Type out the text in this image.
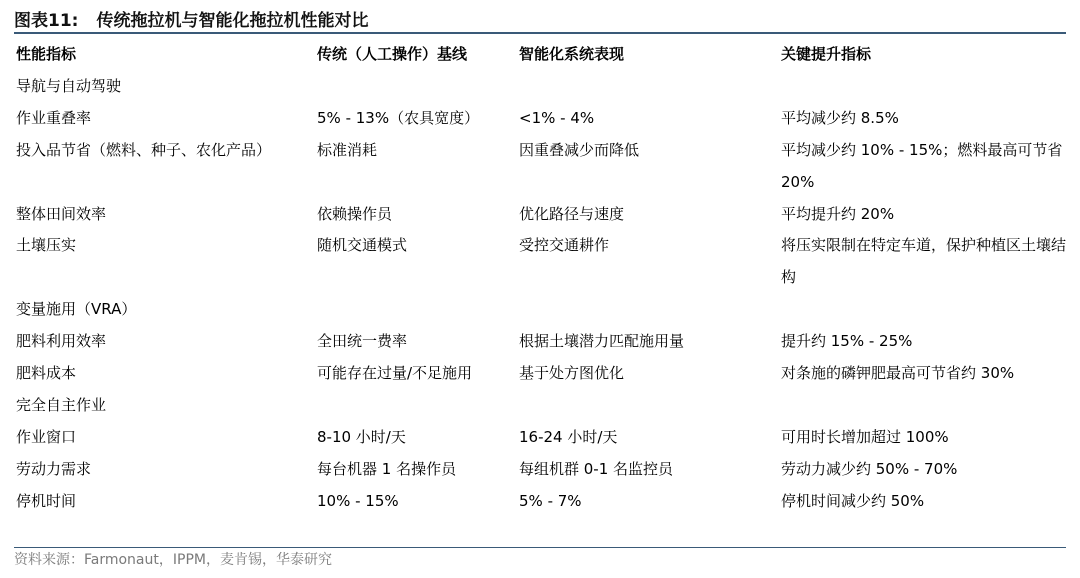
图表11: 传统拖拉机与智能化拖拉机性能对比
性能指标	传统（人工操作）基线	智能化系统表现	关键提升指标
导航与自动驾驶			
作业重叠率	5% - 13%（农具宽度）	<1% - 4%	平均减少约 8.5%
投入品节省（燃料、种子、农化产品）	标准消耗	因重叠减少而降低	平均减少约 10% - 15%；燃料最高可节省 20%
整体田间效率	依赖操作员	优化路径与速度	平均提升约 20%
土壤压实	随机交通模式	受控交通耕作	将压实限制在特定车道，保护种植区土壤结构
变量施用（VRA）			
肥料利用效率	全田统一费率	根据土壤潜力匹配施用量	提升约 15% - 25%
肥料成本	可能存在过量/不足施用	基于处方图优化	对条施的磷钾肥最高可节省约 30%
完全自主作业			
作业窗口	8-10 小时/天	16-24 小时/天	可用时长增加超过 100%
劳动力需求	每台机器 1 名操作员	每组机群 0-1 名监控员	劳动力减少约 50% - 70%
停机时间	10% - 15%	5% - 7%	停机时间减少约 50%
资料来源：Farmonaut，IPPM，麦肯锡，华泰研究
